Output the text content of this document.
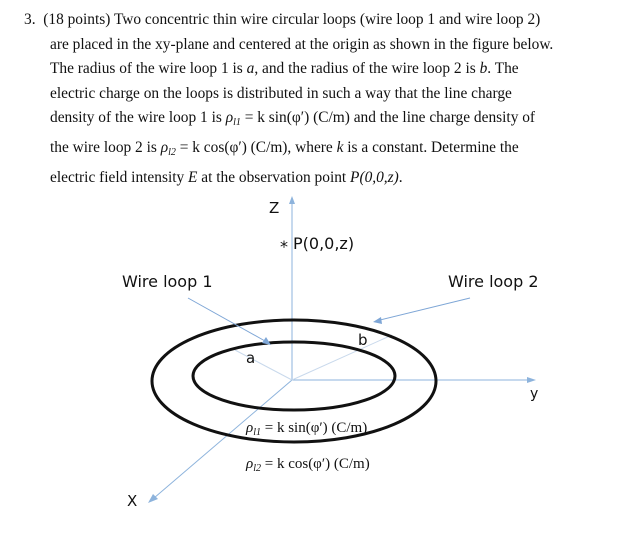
3. (18 points) Two concentric thin wire circular loops (wire loop 1 and wire loop 2)
are placed in the xy-plane and centered at the origin as shown in the figure below.
The radius of the wire loop 1 is a, and the radius of the wire loop 2 is b. The
electric charge on the loops is distributed in such a way that the line charge
density of the wire loop 1 is $\rho_{l1} = k$ sin(φ′) (C/m) and the line charge density of
the wire loop 2 is $\rho_{l2} = k$ cos(φ′) (C/m), where k is a constant. Determine the
electric field intensity E at the observation point P(0,0,z).
Z
* P(0,0,z)
Wire loop 1	Wire loop 2
a
b
y
X
$\rho_{l1} = k$ sin(φ′) (C/m)
$\rho_{l2} = k$ cos(φ′) (C/m)
